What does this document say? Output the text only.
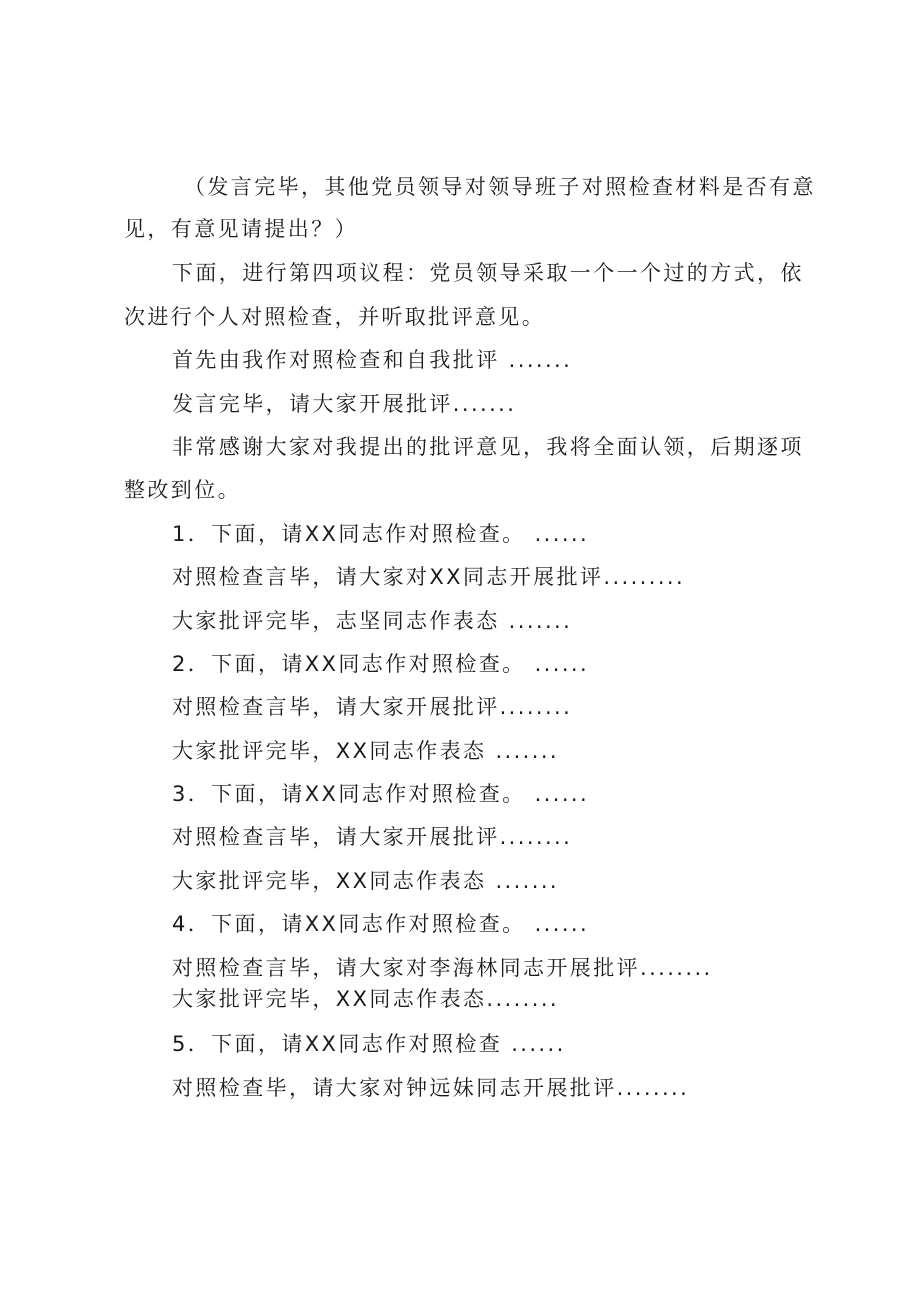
（发言完毕，其他党员领导对领导班子对照检查材料是否有意
见，有意见请提出？）
下面，进行第四项议程：党员领导采取一个一个过的方式，依
次进行个人对照检查，并听取批评意见。
首先由我作对照检查和自我批评 .......
发言完毕，请大家开展批评.......
非常感谢大家对我提出的批评意见，我将全面认领，后期逐项
整改到位。
1．下面，请XX同志作对照检查。 ......
对照检查言毕，请大家对XX同志开展批评.........
大家批评完毕，志坚同志作表态 .......
2．下面，请XX同志作对照检查。 ......
对照检查言毕，请大家开展批评........
大家批评完毕，XX同志作表态 .......
3．下面，请XX同志作对照检查。 ......
对照检查言毕，请大家开展批评........
大家批评完毕，XX同志作表态 .......
4．下面，请XX同志作对照检查。 ......
对照检查言毕，请大家对李海林同志开展批评........
大家批评完毕，XX同志作表态........
5．下面，请XX同志作对照检查 ......
对照检查毕，请大家对钟远妹同志开展批评........
